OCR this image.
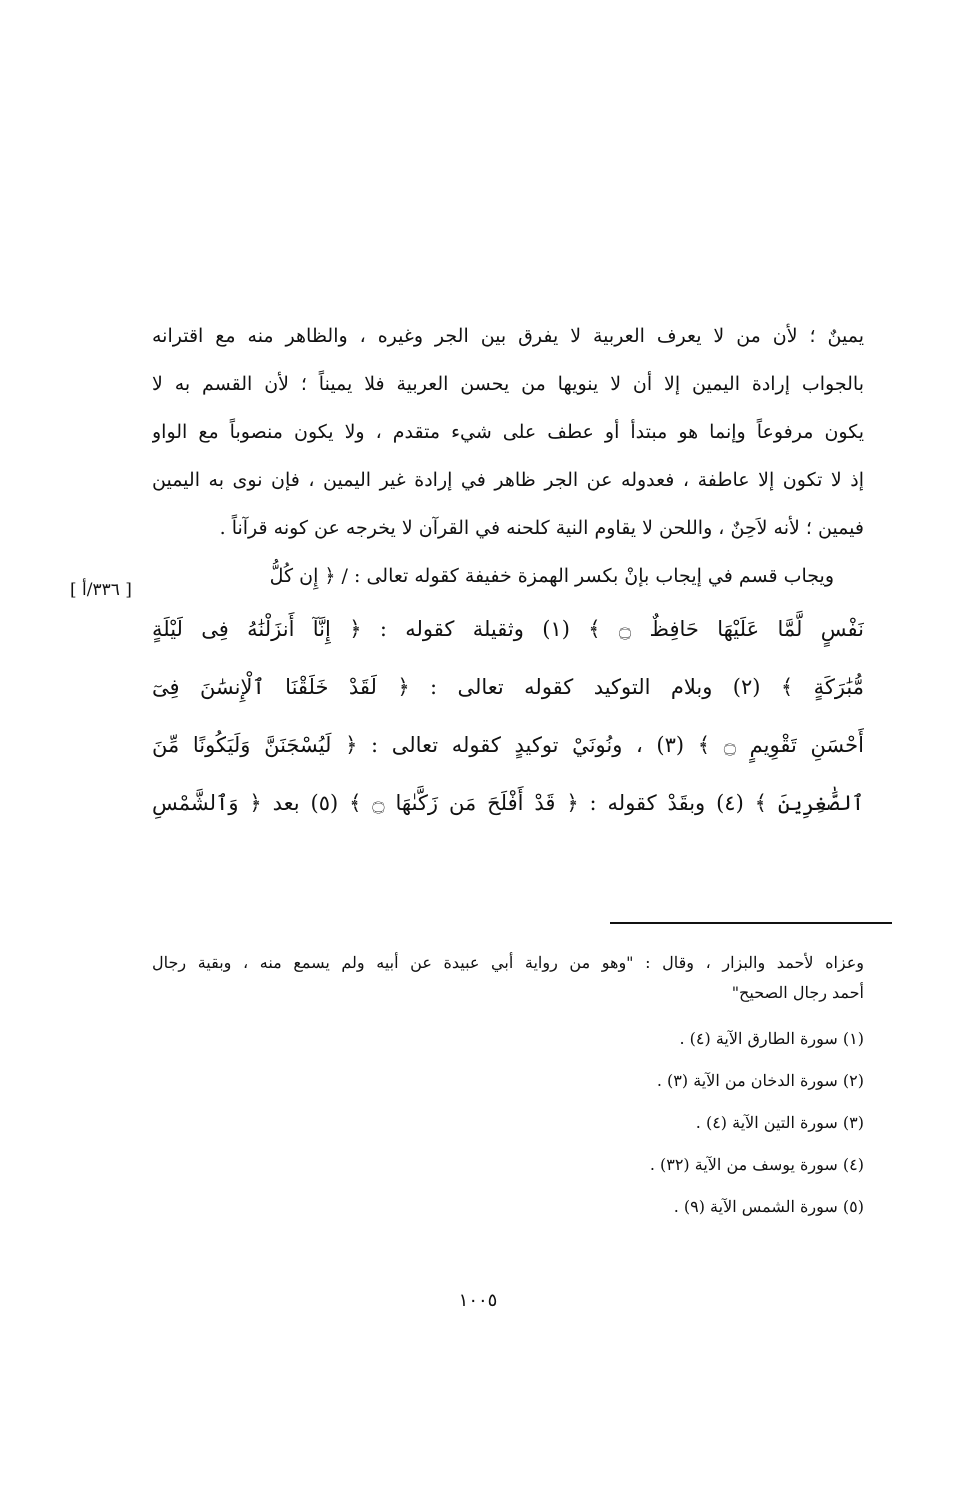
يمينٌ ؛ لأن من لا يعرف العربية لا يفرق بين الجر وغيره ، والظاهر منه مع اقترانه
بالجواب إرادة اليمين إلا أن لا ينويها من يحسن العربية فلا يميناً ؛ لأن القسم به لا
يكون مرفوعاً وإنما هو مبتدأ أو عطف على شيء متقدم ، ولا يكون منصوباً مع الواو
إذ لا تكون إلا عاطفة ، فعدوله عن الجر ظاهر في إرادة غير اليمين ، فإن نوى به اليمين
فيمين ؛ لأنه لاَحِنٌ ، واللحن لا يقاوم النية كلحنه في القرآن لا يخرجه عن كونه قرآناً .
ويجاب قسم في إيجاب بإنْ بكسر الهمزة خفيفة كقوله تعالى : / ﴿ إِن كُلُّ
نَفْسٍ لَّمَّا عَلَيْهَا حَافِظٌ ۝ ﴾ (١) وثقيلة كقوله : ﴿ إِنَّآ أَنزَلْنَٰهُ فِى لَيْلَةٍ
مُّبَٰرَكَةٍ ﴾ (٢) وبلام التوكيد كقوله تعالى : ﴿ لَقَدْ خَلَقْنَا ٱلْإِنسَٰنَ فِىٓ
أَحْسَنِ تَقْوِيمٍ ۝ ﴾ (٣) ، ونُونَيْ توكيدٍ كقوله تعالى : ﴿ لَيُسْجَنَنَّ وَلَيَكُونًا مِّنَ
ٱلصَّٰغِرِينَ ﴾ (٤) وبقَدْ كقوله : ﴿ قَدْ أَفْلَحَ مَن زَكَّىٰهَا ۝ ﴾ (٥) بعد ﴿ وَٱلشَّمْسِ
[ ٣٣٦/أ ]
وعزاه لأحمد والبزار ، وقال : "وهو من رواية أبي عبيدة عن أبيه ولم يسمع منه ، وبقية رجال
أحمد رجال الصحيح"
(١) سورة الطارق الآية (٤) .
(٢) سورة الدخان من الآية (٣) .
(٣) سورة التين الآية (٤) .
(٤) سورة يوسف من الآية (٣٢) .
(٥) سورة الشمس الآية (٩) .
١٠٠٥
